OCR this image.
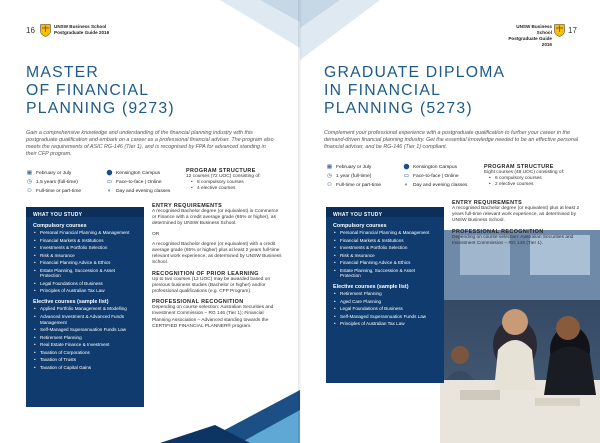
16	UNSW Business School
Postgraduate Guide 2016
MASTER
OF FINANCIAL
PLANNING (9273)
Gain a comprehensive knowledge and understanding of the financial planning industry with this postgraduate qualification and embark on a career as a professional financial adviser. The program also meets the requirements of ASIC RG-146 (Tier 1), and is recognised by FPA for advanced standing in their CFP program.
▦ February or July
◷ 1.5 years (full-time)
⚇ Full-time or part-time
⬤ Kensington Campus
▭ Face-to-face | Online
◐ Day and evening classes
PROGRAM STRUCTURE
12 courses (72 UOC) consisting of:
• 8 compulsory courses
• 4 elective courses
WHAT YOU STUDY
Compulsory courses
• Personal Financial Planning & Management
• Financial Markets & Institutions
• Investments & Portfolio Selection
• Risk & Insurance
• Financial Planning Advice & Ethics
• Estate Planning, Succession & Asset Protection
• Legal Foundations of Business
• Principles of Australian Tax Law
Elective courses (sample list)
• Applied Portfolio Management & Modelling
• Advanced Investment & Advanced Funds Management
• Self-Managed Superannuation Funds Law
• Retirement Planning
• Real Estate Finance & Investment
• Taxation of Corporations
• Taxation of Trusts
• Taxation of Capital Gains
ENTRY REQUIREMENTS

A recognised Bachelor degree (or equivalent) in Commerce or Finance with a credit average grade (65% or higher), as determined by UNSW Business School.

OR

A recognised Bachelor degree (or equivalent) with a credit average grade (65% or higher) plus at least 2 years full-time relevant work experience, as determined by UNSW Business School.

RECOGNITION OF PRIOR LEARNING

Up to two courses (12 UOC) may be awarded based on previous business studies (Bachelor or higher) and/or professional qualifications (e.g. CFP Program).

PROFESSIONAL RECOGNITION

Depending on course selection: Australian Securities and Investment Commission – RG 146 (Tier 1); Financial Planning Association – Advanced standing towards the CERTIFIED FINANCIAL PLANNER® program.

UNSW Business School
Postgraduate Guide 2016
17
GRADUATE DIPLOMA
IN FINANCIAL
PLANNING (5273)
Complement your professional experience with a postgraduate qualification to further your career in the demand-driven financial planning industry. Get the essential knowledge needed to be an effective personal financial adviser, and be RG-146 (Tier 1) compliant.
▦ February or July
◷ 1 year (full-time)
⚇ Full-time or part-time
⬤ Kensington Campus
▭ Face-to-face | Online
◐ Day and evening classes
PROGRAM STRUCTURE
Eight courses (48 UOC) consisting of:
• 6 compulsory courses
• 2 elective courses
WHAT YOU STUDY
Compulsory courses
• Personal Financial Planning & Management
• Financial Markets & Institutions
• Investments & Portfolio Selection
• Risk & Insurance
• Financial Planning Advice & Ethics
• Estate Planning, Succession & Asset Protection
Elective courses (sample list)
• Retirement Planning
• Aged Care Planning
• Legal Foundations of Business
• Self-Managed Superannuation Funds Law
• Principles of Australian Tax Law
ENTRY REQUIREMENTS

A recognised Bachelor degree (or equivalent) plus at least 2 years full-time relevant work experience, as determined by UNSW Business School.

PROFESSIONAL RECOGNITION

Depending on course selection: Australian Securities and Investment Commission – RG 146 (Tier 1).
